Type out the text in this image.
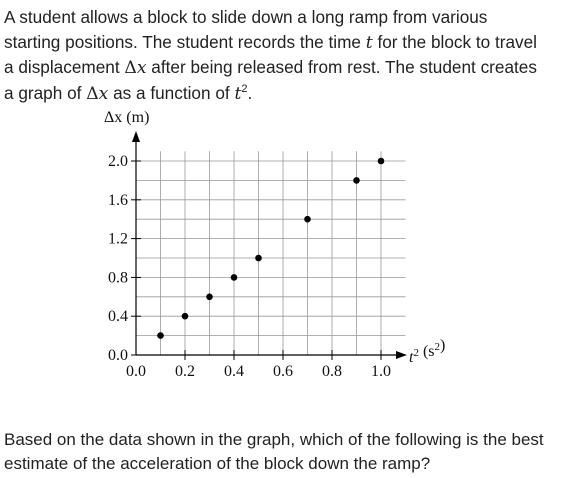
A student allows a block to slide down a long ramp from various
starting positions. The student records the time t for the block to travel
a displacement Δx after being released from rest. The student creates
a graph of Δx as a function of $t^2$.

0.0 0.2 0.4 0.6 0.8 1.0
0.0
0.4
0.8
1.2
1.6
2.0
Δx (m)
$t^2$ $(s^2)$

Based on the data shown in the graph, which of the following is the best
estimate of the acceleration of the block down the ramp?
